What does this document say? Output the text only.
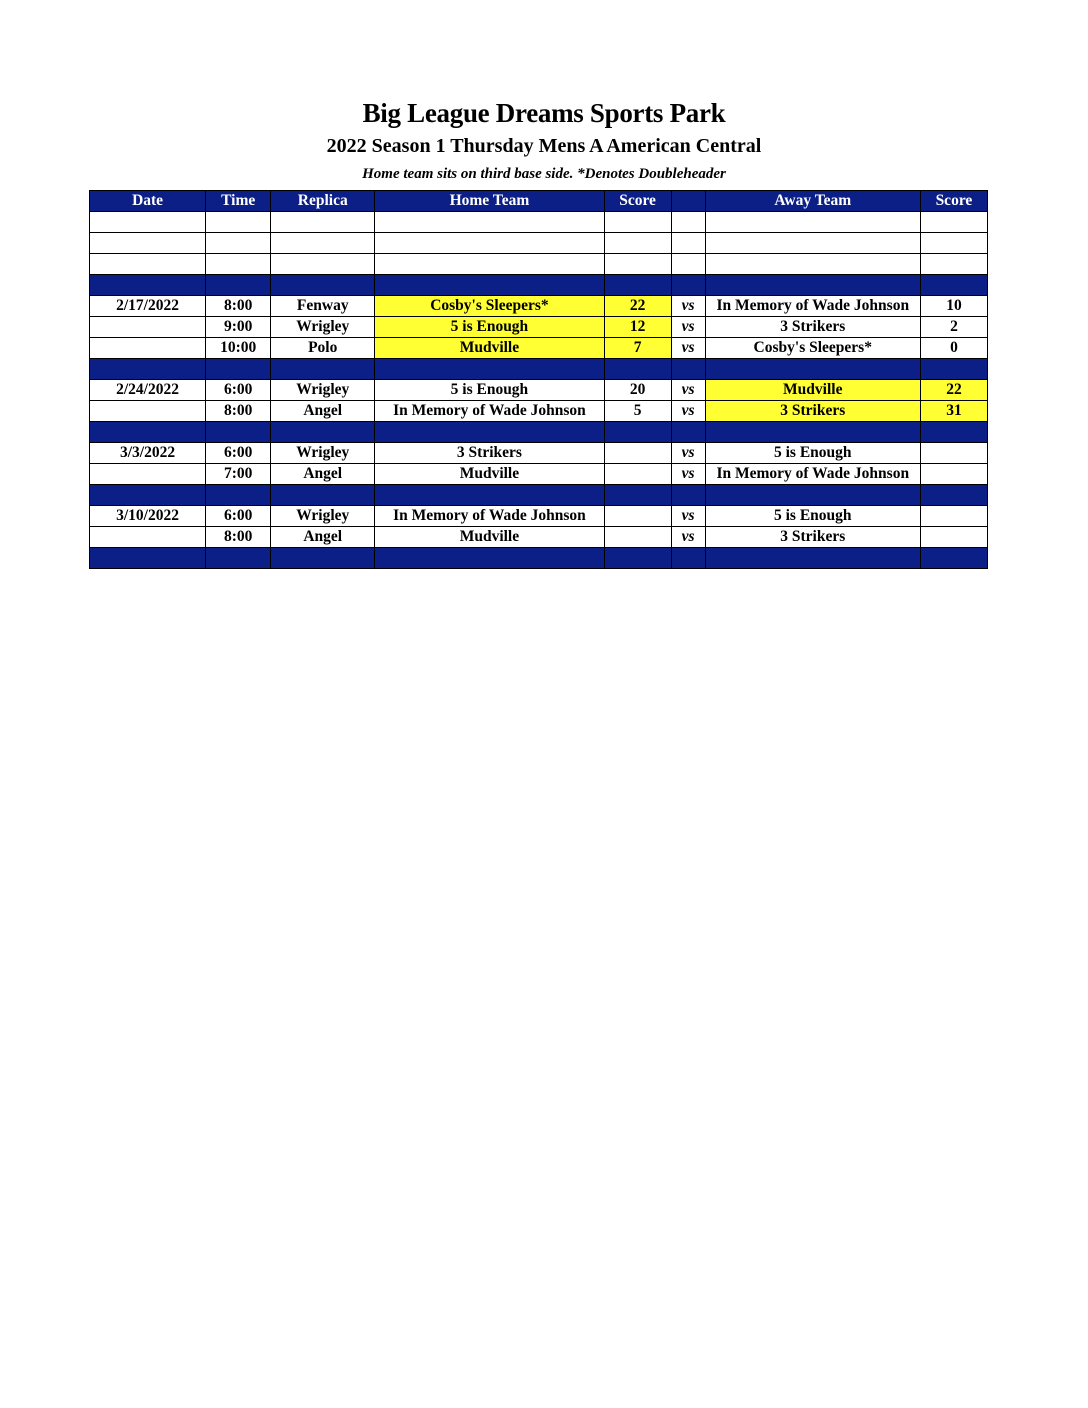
Big League Dreams Sports Park
2022 Season 1 Thursday Mens A American Central
Home team sits on third base side. *Denotes Doubleheader
Date	Time	Replica	Home Team	Score		Away Team	Score

2/17/2022	8:00	Fenway	Cosby's Sleepers*	22	vs	In Memory of Wade Johnson	10
	9:00	Wrigley	5 is Enough	12	vs	3 Strikers	2
	10:00	Polo	Mudville	7	vs	Cosby's Sleepers*	0

2/24/2022	6:00	Wrigley	5 is Enough	20	vs	Mudville	22
	8:00	Angel	In Memory of Wade Johnson	5	vs	3 Strikers	31

3/3/2022	6:00	Wrigley	3 Strikers		vs	5 is Enough	
	7:00	Angel	Mudville		vs	In Memory of Wade Johnson	

3/10/2022	6:00	Wrigley	In Memory of Wade Johnson		vs	5 is Enough	
	8:00	Angel	Mudville		vs	3 Strikers	
